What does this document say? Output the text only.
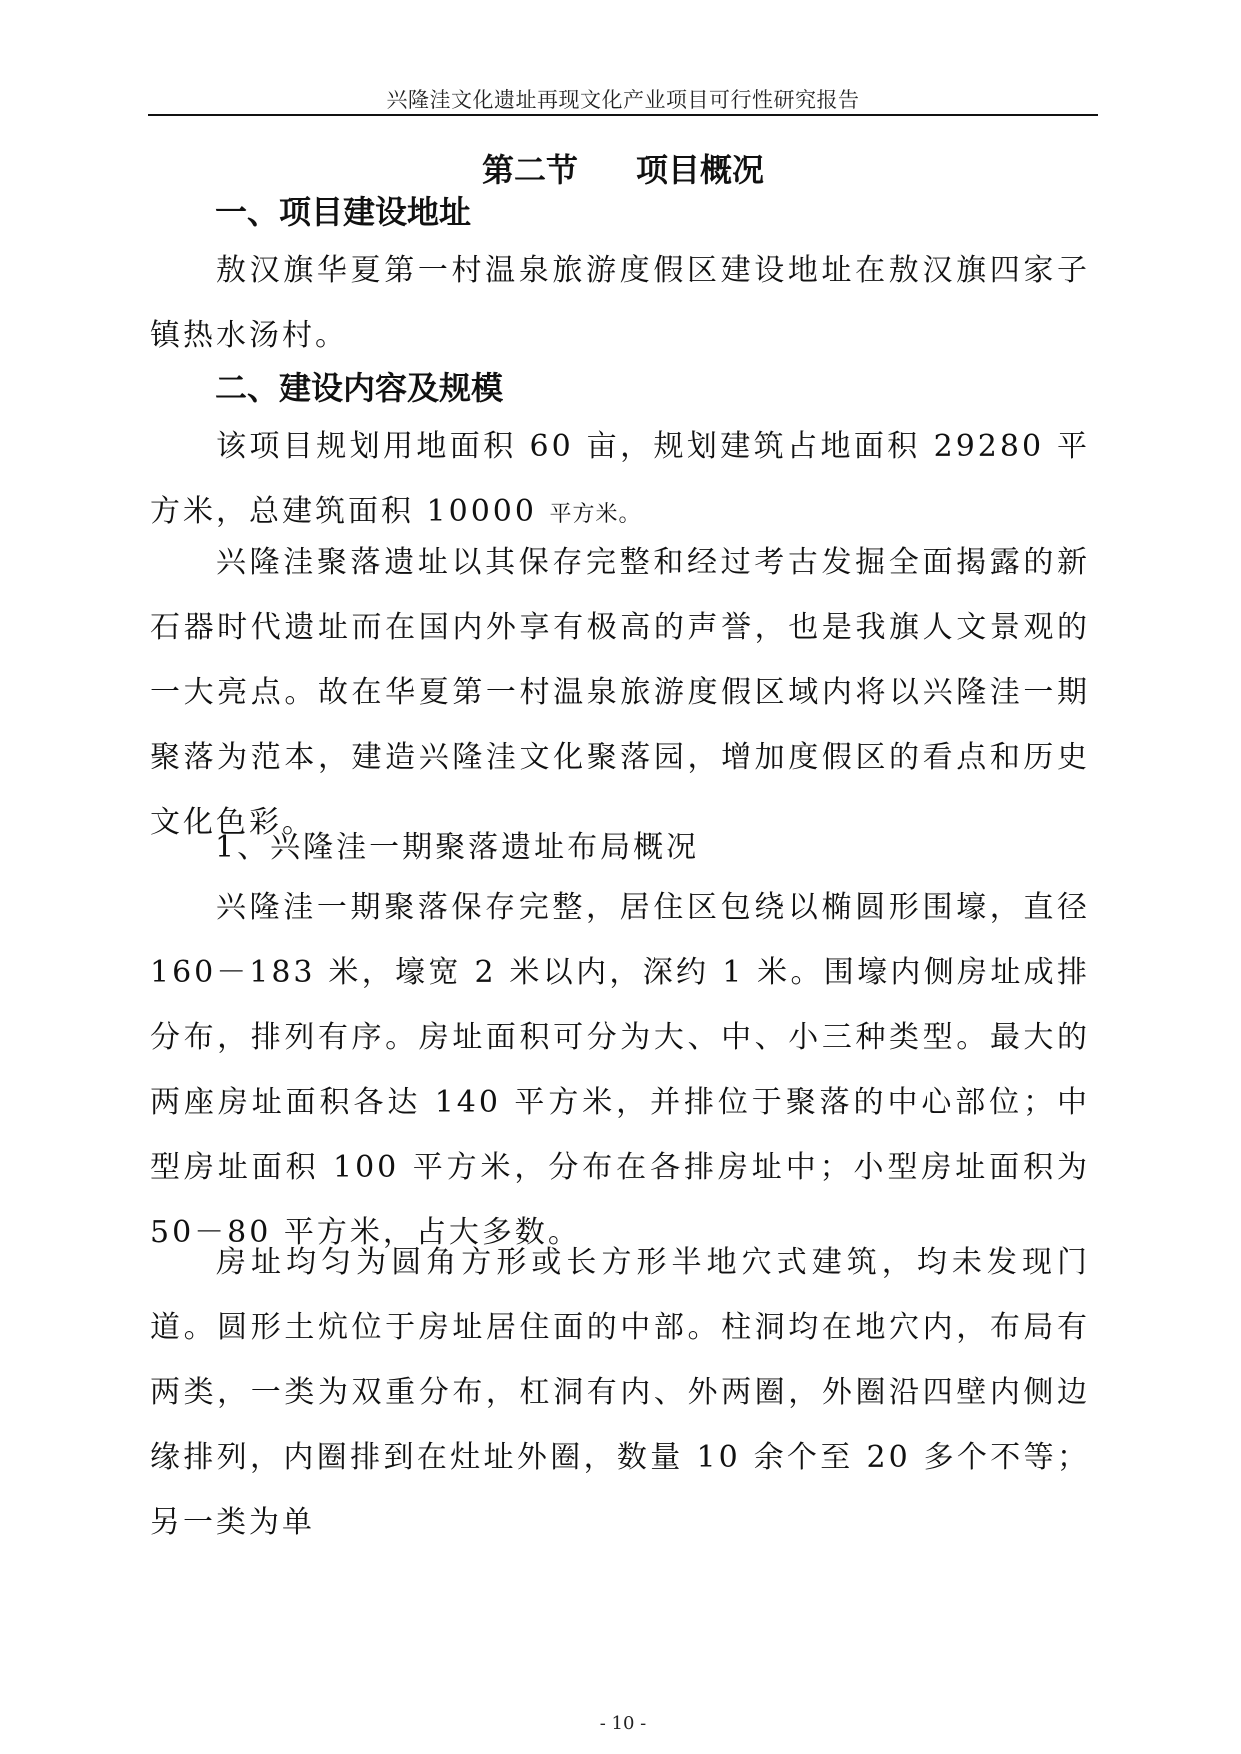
兴隆洼文化遗址再现文化产业项目可行性研究报告
第二节 项目概况
一、项目建设地址
敖汉旗华夏第一村温泉旅游度假区建设地址在敖汉旗四家子镇热水汤村。
二、建设内容及规模
该项目规划用地面积 60 亩，规划建筑占地面积 29280 平方米，总建筑面积 10000 平方米。
兴隆洼聚落遗址以其保存完整和经过考古发掘全面揭露的新石器时代遗址而在国内外享有极高的声誉，也是我旗人文景观的一大亮点。故在华夏第一村温泉旅游度假区域内将以兴隆洼一期聚落为范本，建造兴隆洼文化聚落园，增加度假区的看点和历史文化色彩。
1、兴隆洼一期聚落遗址布局概况
兴隆洼一期聚落保存完整，居住区包绕以椭圆形围壕，直径 160－183 米，壕宽 2 米以内，深约 1 米。围壕内侧房址成排分布，排列有序。房址面积可分为大、中、小三种类型。最大的两座房址面积各达 140 平方米，并排位于聚落的中心部位；中型房址面积 100 平方米，分布在各排房址中；小型房址面积为 50－80 平方米，占大多数。
房址均匀为圆角方形或长方形半地穴式建筑，均未发现门道。圆形土炕位于房址居住面的中部。柱洞均在地穴内，布局有两类，一类为双重分布，杠洞有内、外两圈，外圈沿四壁内侧边缘排列，内圈排到在灶址外圈，数量 10 余个至 20 多个不等；另一类为单
- 10 -
